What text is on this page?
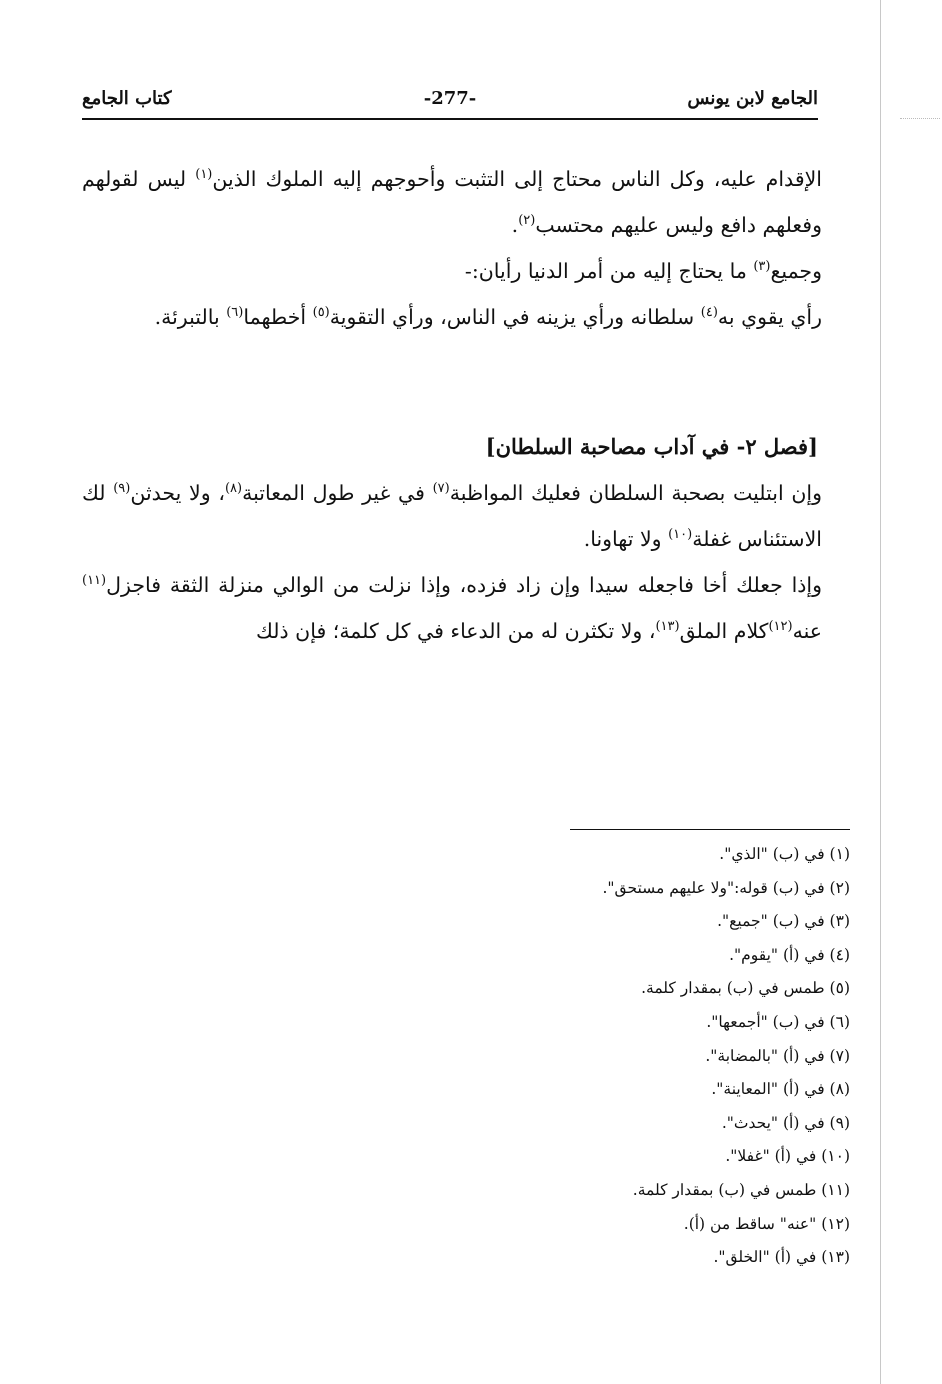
الجامع لابن يونس
-277-
كتاب الجامع

الإقدام عليه، وكل الناس محتاج إلى التثبت وأحوجهم إليه الملوك الذين$^{(١)}$ ليس لقولهم وفعلهم دافع وليس عليهم محتسب$^{(٢)}$.

وجميع$^{(٣)}$ ما يحتاج إليه من أمر الدنيا رأيان:-

رأي يقوي به$^{(٤)}$ سلطانه ورأي يزينه في الناس، ورأي التقوية$^{(٥)}$ أخطهما$^{(٦)}$ بالتبرئة.

[فصل ٢- في آداب مصاحبة السلطان]

وإن ابتليت بصحبة السلطان فعليك المواظبة$^{(٧)}$ في غير طول المعاتبة$^{(٨)}$، ولا يحدثن$^{(٩)}$ لك الاستئناس غفلة$^{(١٠)}$ ولا تهاونا.

وإذا جعلك أخا فاجعله سيدا وإن زاد فزده، وإذا نزلت من الوالي منزلة الثقة فاجزل$^{(١١)}$ عنه$^{(١٢)}$كلام الملق$^{(١٣)}$، ولا تكثرن له من الدعاء في كل كلمة؛ فإن ذلك

(١) في (ب) "الذي".
(٢) في (ب) قوله:"ولا عليهم مستحق".
(٣) في (ب) "جميع".
(٤) في (أ) "يقوم".
(٥) طمس في (ب) بمقدار كلمة.
(٦) في (ب) "أجمعها".
(٧) في (أ) "بالمضابة".
(٨) في (أ) "المعاينة".
(٩) في (أ) "يحدث".
(١٠) في (أ) "غفلا".
(١١) طمس في (ب) بمقدار كلمة.
(١٢) "عنه" ساقط من (أ).
(١٣) في (أ) "الخلق".
